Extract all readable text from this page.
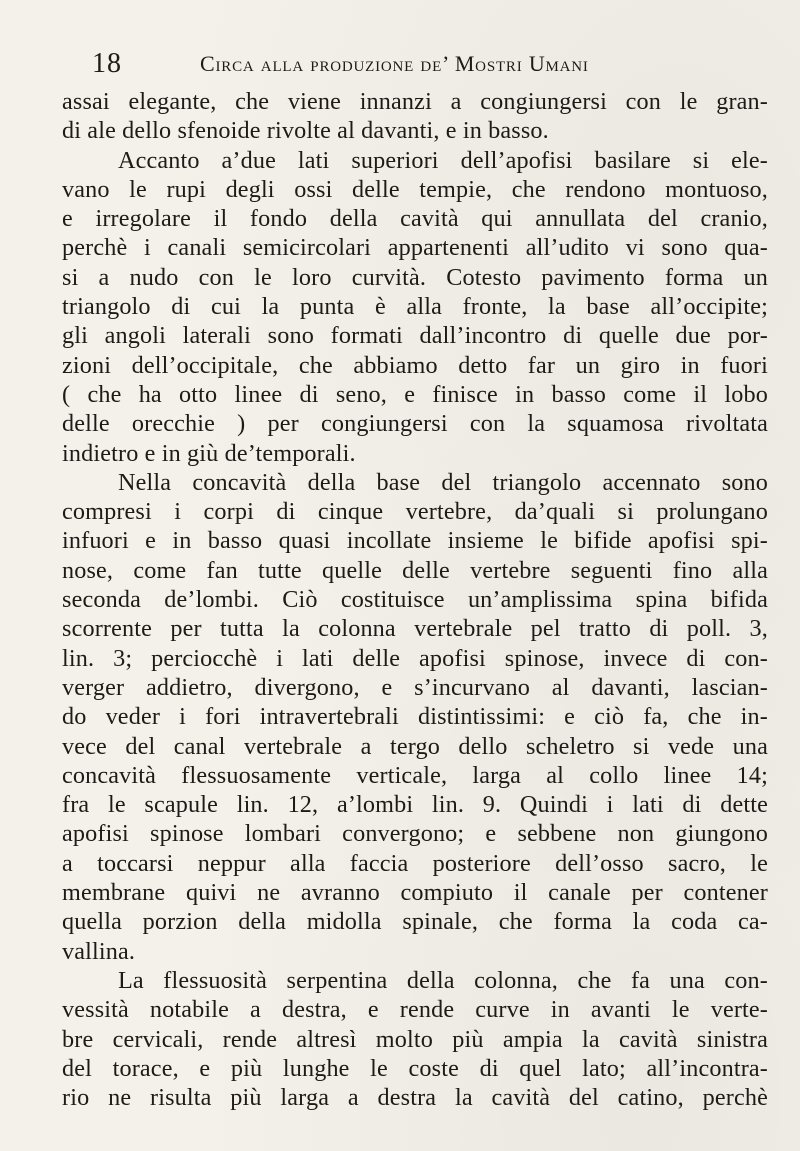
18	Circa alla produzione de’ Mostri Umani
assai elegante, che viene innanzi a congiungersi con le gran-
di ale dello sfenoide rivolte al davanti, e in basso.
Accanto a’due lati superiori dell’apofisi basilare si ele-
vano le rupi degli ossi delle tempie, che rendono montuoso,
e irregolare il fondo della cavità qui annullata del cranio,
perchè i canali semicircolari appartenenti all’udito vi sono qua-
si a nudo con le loro curvità. Cotesto pavimento forma un
triangolo di cui la punta è alla fronte, la base all’occipite;
gli angoli laterali sono formati dall’incontro di quelle due por-
zioni dell’occipitale, che abbiamo detto far un giro in fuori
( che ha otto linee di seno, e finisce in basso come il lobo
delle orecchie ) per congiungersi con la squamosa rivoltata
indietro e in giù de’temporali.
Nella concavità della base del triangolo accennato sono
compresi i corpi di cinque vertebre, da’quali si prolungano
infuori e in basso quasi incollate insieme le bifide apofisi spi-
nose, come fan tutte quelle delle vertebre seguenti fino alla
seconda de’lombi. Ciò costituisce un’amplissima spina bifida
scorrente per tutta la colonna vertebrale pel tratto di poll. 3,
lin. 3; perciocchè i lati delle apofisi spinose, invece di con-
verger addietro, divergono, e s’incurvano al davanti, lascian-
do veder i fori intravertebrali distintissimi: e ciò fa, che in-
vece del canal vertebrale a tergo dello scheletro si vede una
concavità flessuosamente verticale, larga al collo linee 14;
fra le scapule lin. 12, a’lombi lin. 9. Quindi i lati di dette
apofisi spinose lombari convergono; e sebbene non giungono
a toccarsi neppur alla faccia posteriore dell’osso sacro, le
membrane quivi ne avranno compiuto il canale per contener
quella porzion della midolla spinale, che forma la coda ca-
vallina.
La flessuosità serpentina della colonna, che fa una con-
vessità notabile a destra, e rende curve in avanti le verte-
bre cervicali, rende altresì molto più ampia la cavità sinistra
del torace, e più lunghe le coste di quel lato; all’incontra-
rio ne risulta più larga a destra la cavità del catino, perchè
